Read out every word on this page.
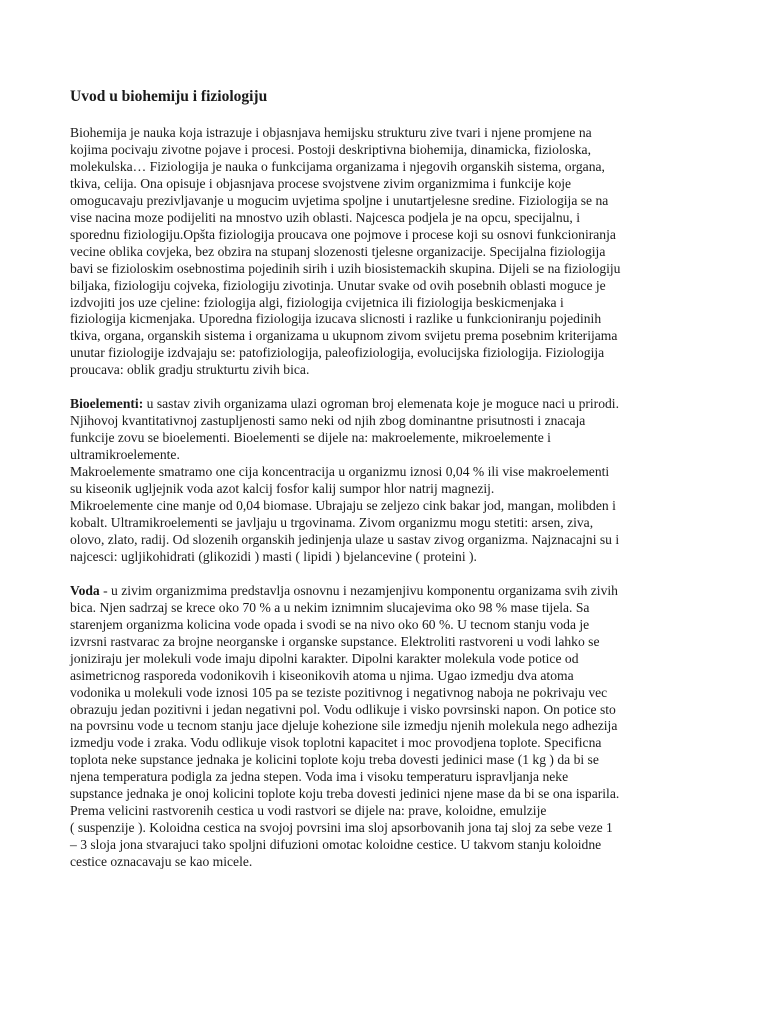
Uvod u biohemiju i fiziologiju
Biohemija je nauka koja istrazuje i objasnjava hemijsku strukturu zive tvari i njene promjene na
kojima pocivaju zivotne pojave i procesi. Postoji deskriptivna biohemija, dinamicka, fizioloska,
molekulska… Fiziologija je nauka o funkcijama organizama i njegovih organskih sistema, organa,
tkiva, celija. Ona opisuje i objasnjava procese svojstvene zivim organizmima i funkcije koje
omogucavaju prezivljavanje u mogucim uvjetima spoljne i unutartjelesne sredine. Fiziologija se na
vise nacina moze podijeliti na mnostvo uzih oblasti. Najcesca podjela je na opcu, specijalnu, i
sporednu fiziologiju.Opšta fiziologija proucava one pojmove i procese koji su osnovi funkcioniranja
vecine oblika covjeka, bez obzira na stupanj slozenosti tjelesne organizacije. Specijalna fiziologija
bavi se fizioloskim osebnostima pojedinih sirih i uzih biosistemackih skupina. Dijeli se na fiziologiju
biljaka, fiziologiju cojveka, fiziologiju zivotinja. Unutar svake od ovih posebnih oblasti moguce je
izdvojiti jos uze cjeline: fziologija algi, fiziologija cvijetnica ili fiziologija beskicmenjaka i
fiziologija kicmenjaka. Uporedna fiziologija izucava slicnosti i razlike u funkcioniranju pojedinih
tkiva, organa, organskih sistema i organizama u ukupnom zivom svijetu prema posebnim kriterijama
unutar fiziologije izdvajaju se: patofiziologija, paleofiziologija, evolucijska fiziologija. Fiziologija
proucava: oblik gradju strukturtu zivih bica.
Bioelementi: u sastav zivih organizama ulazi ogroman broj elemenata koje je moguce naci u prirodi.
Njihovoj kvantitativnoj zastupljenosti samo neki od njih zbog dominantne prisutnosti i znacaja
funkcije zovu se bioelementi. Bioelementi se dijele na: makroelemente, mikroelemente i
ultramikroelemente.
Makroelemente smatramo one cija koncentracija u organizmu iznosi 0,04 % ili vise makroelementi
su kiseonik ugljejnik voda azot kalcij fosfor kalij sumpor hlor natrij magnezij.
Mikroelemente cine manje od 0,04 biomase. Ubrajaju se zeljezo cink bakar jod, mangan, molibden i
kobalt. Ultramikroelementi se javljaju u trgovinama. Zivom organizmu mogu stetiti: arsen, ziva,
olovo, zlato, radij. Od slozenih organskih jedinjenja ulaze u sastav zivog organizma. Najznacajni su i
najcesci: ugljikohidrati (glikozidi ) masti ( lipidi ) bjelancevine ( proteini ).
Voda - u zivim organizmima predstavlja osnovnu i nezamjenjivu komponentu organizama svih zivih
bica. Njen sadrzaj se krece oko 70 % a u nekim iznimnim slucajevima oko 98 % mase tijela. Sa
starenjem organizma kolicina vode opada i svodi se na nivo oko 60 %. U tecnom stanju voda je
izvrsni rastvarac za brojne neorganske i organske supstance. Elektroliti rastvoreni u vodi lahko se
joniziraju jer molekuli vode imaju dipolni karakter. Dipolni karakter molekula vode potice od
asimetricnog rasporeda vodonikovih i kiseonikovih atoma u njima. Ugao izmedju dva atoma
vodonika u molekuli vode iznosi 105 pa se teziste pozitivnog i negativnog naboja ne pokrivaju vec
obrazuju jedan pozitivni i jedan negativni pol. Vodu odlikuje i visko povrsinski napon. On potice sto
na povrsinu vode u tecnom stanju jace djeluje kohezione sile izmedju njenih molekula nego adhezija
izmedju vode i zraka. Vodu odlikuje visok toplotni kapacitet i moc provodjena toplote. Specificna
toplota neke supstance jednaka je kolicini toplote koju treba dovesti jedinici mase (1 kg ) da bi se
njena temperatura podigla za jedna stepen. Voda ima i visoku temperaturu ispravljanja neke
supstance jednaka je onoj kolicini toplote koju treba dovesti jedinici njene mase da bi se ona isparila.
Prema velicini rastvorenih cestica u vodi rastvori se dijele na: prave, koloidne, emulzije
( suspenzije ). Koloidna cestica na svojoj povrsini ima sloj apsorbovanih jona taj sloj za sebe veze 1
– 3 sloja jona stvarajuci tako spoljni difuzioni omotac koloidne cestice. U takvom stanju koloidne
cestice oznacavaju se kao micele.
